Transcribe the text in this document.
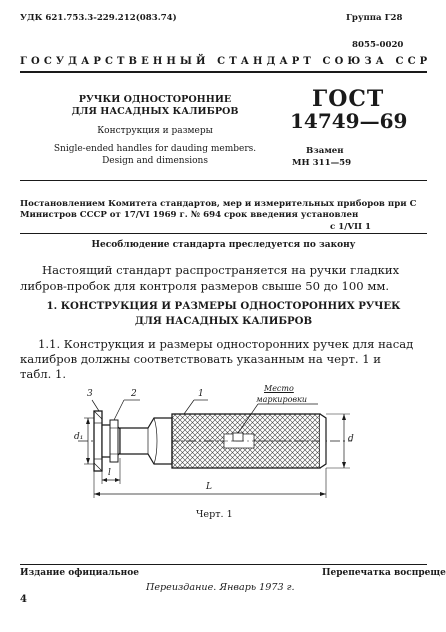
УДК 621.753.3-229.212(083.74)	Группа Г28
8055-0020
ГОСУДАРСТВЕННЫЙ СТАНДАРТ СОЮЗА ССР
РУЧКИ ОДНОСТОРОННИЕ
ДЛЯ НАСАДНЫХ КАЛИБРОВ
Конструкция и размеры
Snigle-ended handles for dauding members.
Design and dimensions
ГОСТ
14749—69
Взамен
МН 311—59
Постановлением Комитета стандартов, мер и измерительных приборов при С
Министров СССР от 17/VI 1969 г. № 694 срок введения установлен
с 1/VII 1
Несоблюдение стандарта преследуется по закону
Настоящий стандарт распространяется на ручки гладких
либров-пробок для контроля размеров свыше 50 до 100 мм.
1. КОНСТРУКЦИЯ И РАЗМЕРЫ ОДНОСТОРОННИХ РУЧЕК
ДЛЯ НАСАДНЫХ КАЛИБРОВ
1.1. Конструкция и размеры односторонних ручек для насад
калибров должны соответствовать указанным на черт. 1 и
табл. 1.
3	2	1
Место
маркировки
d₁	d
l
L
Черт. 1
Издание официальное	Перепечатка воспреще
Переиздание. Январь 1973 г.
4
